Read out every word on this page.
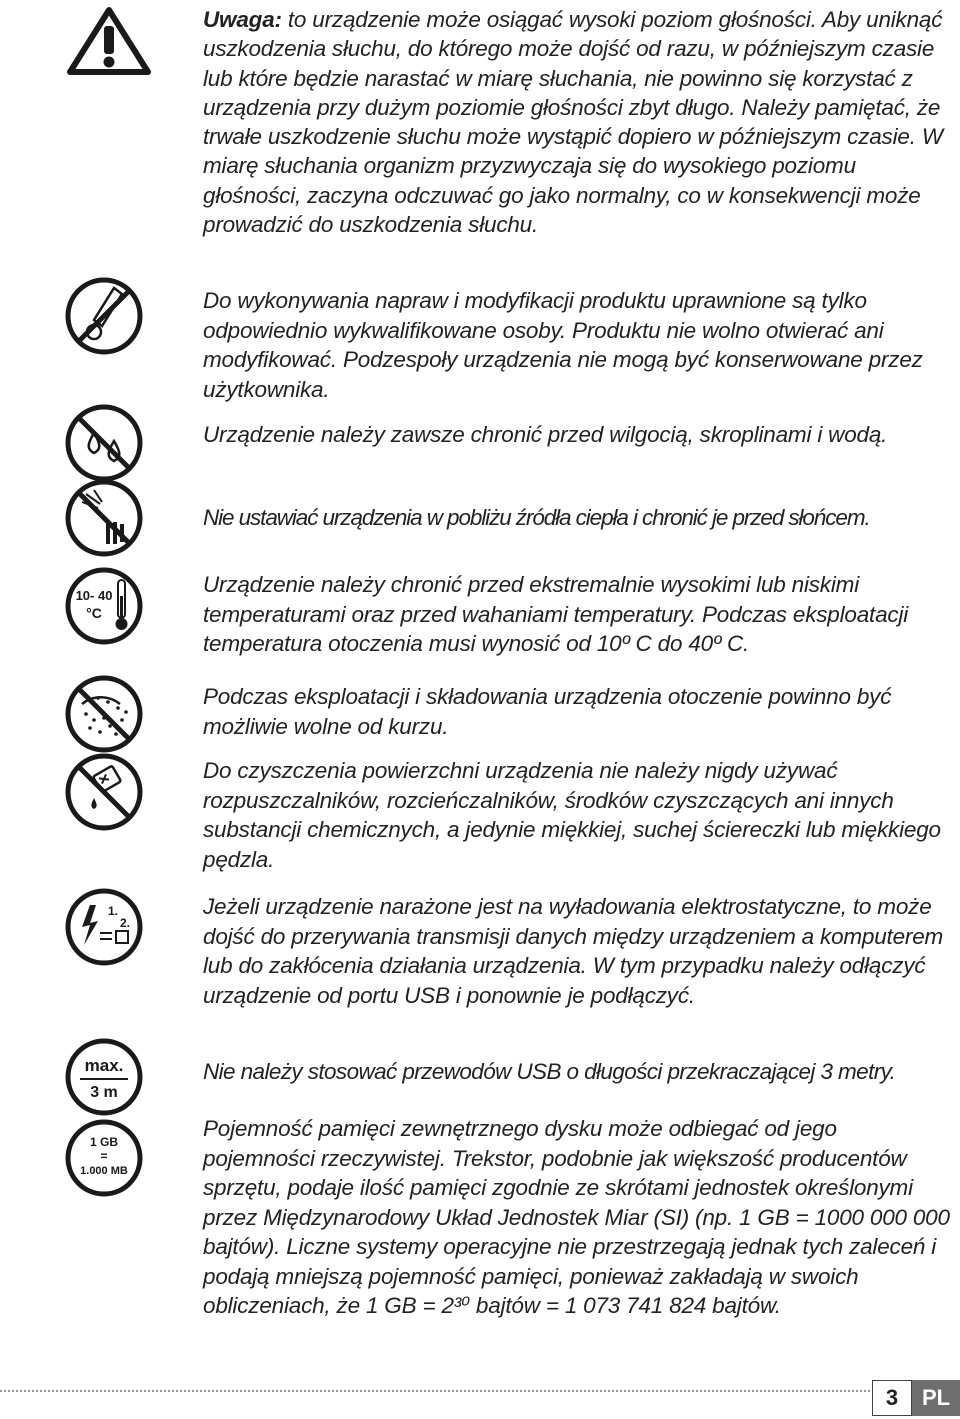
Uwaga: to urządzenie może osiągać wysoki poziom głośności. Aby uniknąć uszkodzenia słuchu, do którego może dojść od razu, w późniejszym czasie lub które będzie narastać w miarę słuchania, nie powinno się korzystać z urządzenia przy dużym poziomie głośności zbyt długo. Należy pamiętać, że trwałe uszkodzenie słuchu może wystąpić dopiero w późniejszym czasie. W miarę słuchania organizm przyzwyczaja się do wysokiego poziomu głośności, zaczyna odczuwać go jako normalny, co w konsekwencji może prowadzić do uszkodzenia słuchu.

Do wykonywania napraw i modyfikacji produktu uprawnione są tylko odpowiednio wykwalifikowane osoby. Produktu nie wolno otwierać ani modyfikować. Podzespoły urządzenia nie mogą być konserwowane przez użytkownika.

Urządzenie należy zawsze chronić przed wilgocią, skroplinami i wodą.

Nie ustawiać urządzenia w pobliżu źródła ciepła i chronić je przed słońcem.

10- 40
°C

Urządzenie należy chronić przed ekstremalnie wysokimi lub niskimi temperaturami oraz przed wahaniami temperatury. Podczas eksploatacji temperatura otoczenia musi wynosić od 10º C do 40º C.

Podczas eksploatacji i składowania urządzenia otoczenie powinno być możliwie wolne od kurzu.

Do czyszczenia powierzchni urządzenia nie należy nigdy używać rozpuszczalników, rozcieńczalników, środków czyszczących ani innych substancji chemicznych, a jedynie miękkiej, suchej ściereczki lub miękkiego pędzla.

1.
2.

Jeżeli urządzenie narażone jest na wyładowania elektrostatyczne, to może dojść do przerywania transmisji danych między urządzeniem a komputerem lub do zakłócenia działania urządzenia. W tym przypadku należy odłączyć urządzenie od portu USB i ponownie je podłączyć.

max.
3 m

Nie należy stosować przewodów USB o długości przekraczającej 3 metry.

1 GB
=
1.000 MB

Pojemność pamięci zewnętrznego dysku może odbiegać od jego pojemności rzeczywistej. Trekstor, podobnie jak większość producentów sprzętu, podaje ilość pamięci zgodnie ze skrótami jednostek określonymi przez Międzynarodowy Układ Jednostek Miar (SI) (np. 1 GB = 1000 000 000 bajtów). Liczne systemy operacyjne nie przestrzegają jednak tych zaleceń i podają mniejszą pojemność pamięci, ponieważ zakładają w swoich obliczeniach, że 1 GB = 2³⁰ bajtów = 1 073 741 824 bajtów.

3	PL
